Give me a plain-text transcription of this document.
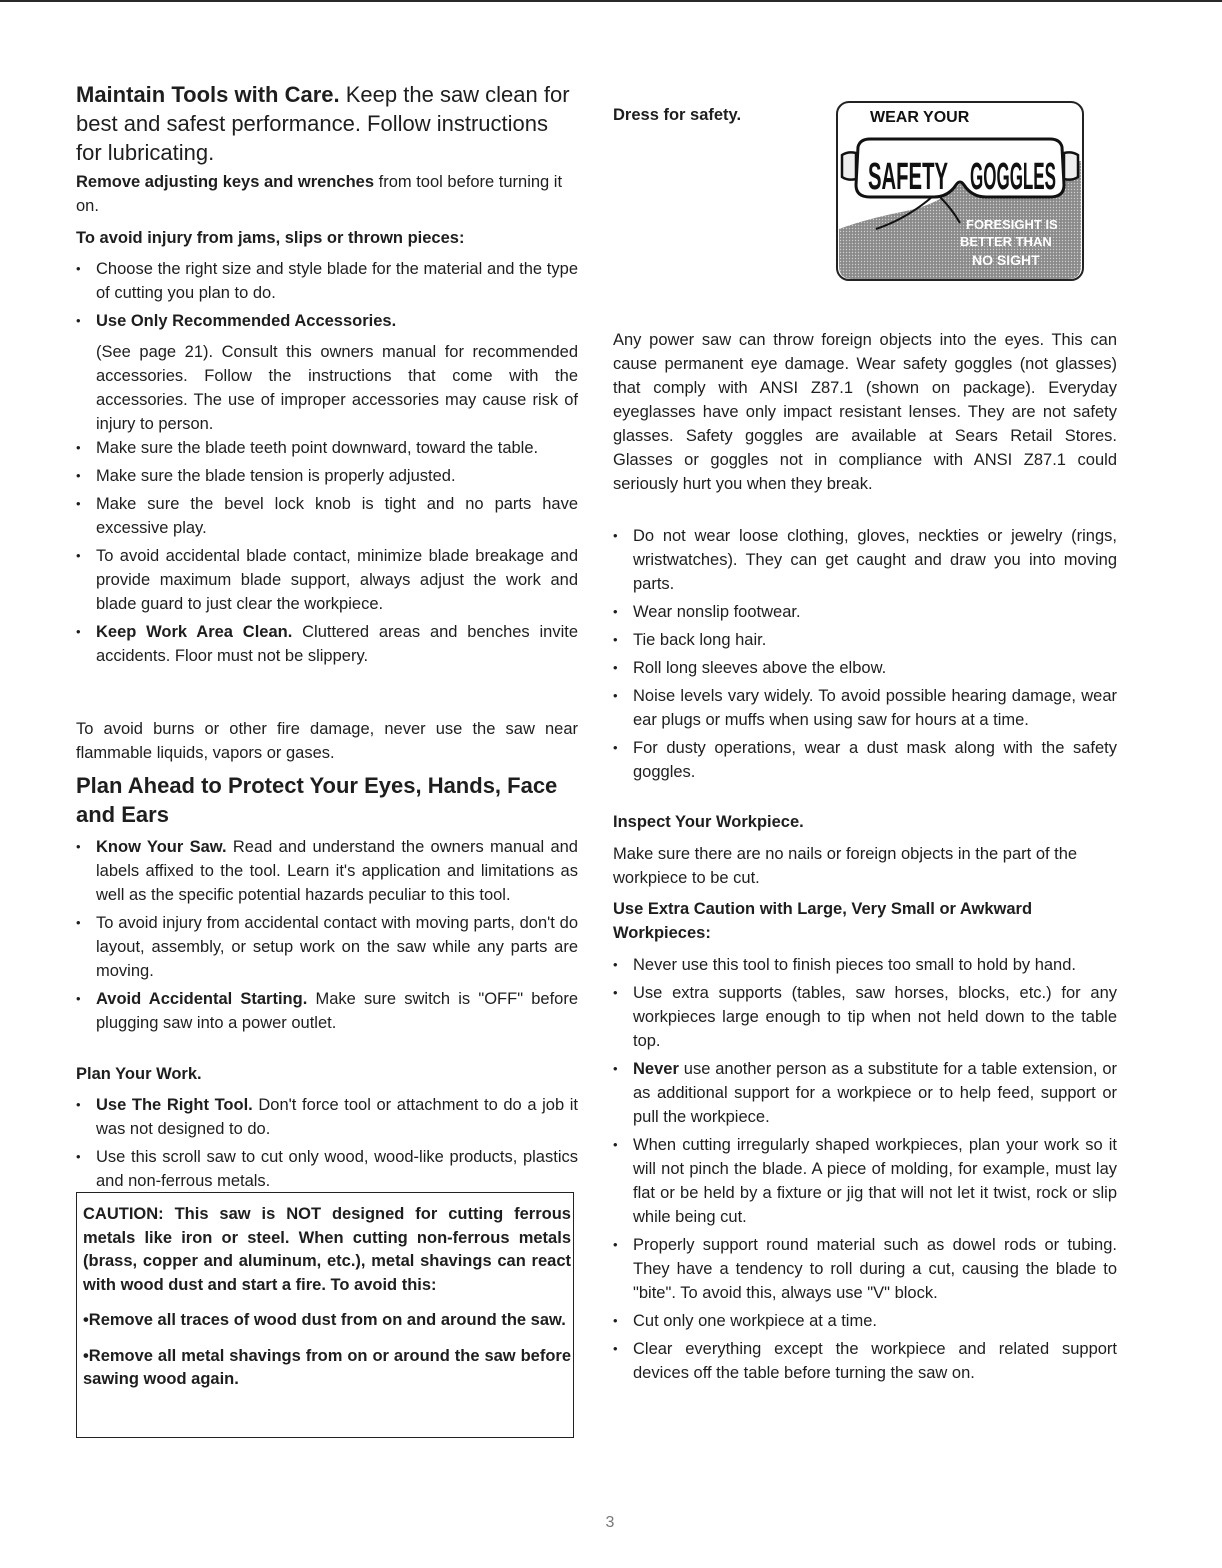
Maintain Tools with Care. Keep the saw clean for best and safest performance. Follow instructions for lubricating.

Remove adjusting keys and wrenches from tool before turning it on.

To avoid injury from jams, slips or thrown pieces:

• Choose the right size and style blade for the material and the type of cutting you plan to do.
• Use Only Recommended Accessories.

(See page 21). Consult this owners manual for recommended accessories. Follow the instructions that come with the accessories. The use of improper accessories may cause risk of injury to person.

• Make sure the blade teeth point downward, toward the table.
• Make sure the blade tension is properly adjusted.
• Make sure the bevel lock knob is tight and no parts have excessive play.
• To avoid accidental blade contact, minimize blade breakage and provide maximum blade support, always adjust the work and blade guard to just clear the workpiece.
• Keep Work Area Clean. Cluttered areas and benches invite accidents. Floor must not be slippery.

To avoid burns or other fire damage, never use the saw near flammable liquids, vapors or gases.

Plan Ahead to Protect Your Eyes, Hands, Face and Ears

• Know Your Saw. Read and understand the owners manual and labels affixed to the tool. Learn it's application and limitations as well as the specific potential hazards peculiar to this tool.
• To avoid injury from accidental contact with moving parts, don't do layout, assembly, or setup work on the saw while any parts are moving.
• Avoid Accidental Starting. Make sure switch is "OFF" before plugging saw into a power outlet.

Plan Your Work.

• Use The Right Tool. Don't force tool or attachment to do a job it was not designed to do.
• Use this scroll saw to cut only wood, wood-like products, plastics and non-ferrous metals.

CAUTION: This saw is NOT designed for cutting ferrous metals like iron or steel. When cutting non-ferrous metals (brass, copper and aluminum, etc.), metal shavings can react with wood dust and start a fire. To avoid this:

•Remove all traces of wood dust from on and around the saw.

•Remove all metal shavings from on or around the saw before sawing wood again.

Dress for safety.

Any power saw can throw foreign objects into the eyes. This can cause permanent eye damage. Wear safety goggles (not glasses) that comply with ANSI Z87.1 (shown on package). Everyday eyeglasses have only impact resistant lenses. They are not safety glasses. Safety goggles are available at Sears Retail Stores. Glasses or goggles not in compliance with ANSI Z87.1 could seriously hurt you when they break.

• Do not wear loose clothing, gloves, neckties or jewelry (rings, wristwatches). They can get caught and draw you into moving parts.
• Wear nonslip footwear.
• Tie back long hair.
• Roll long sleeves above the elbow.
• Noise levels vary widely. To avoid possible hearing damage, wear ear plugs or muffs when using saw for hours at a time.
• For dusty operations, wear a dust mask along with the safety goggles.

Inspect Your Workpiece.

Make sure there are no nails or foreign objects in the part of the workpiece to be cut.

Use Extra Caution with Large, Very Small or Awkward Workpieces:

• Never use this tool to finish pieces too small to hold by hand.
• Use extra supports (tables, saw horses, blocks, etc.) for any workpieces large enough to tip when not held down to the table top.
• Never use another person as a substitute for a table extension, or as additional support for a workpiece or to help feed, support or pull the workpiece.
• When cutting irregularly shaped workpieces, plan your work so it will not pinch the blade. A piece of molding, for example, must lay flat or be held by a fixture or jig that will not let it twist, rock or slip while being cut.
• Properly support round material such as dowel rods or tubing. They have a tendency to roll during a cut, causing the blade to "bite". To avoid this, always use "V" block.
• Cut only one workpiece at a time.
• Clear everything except the workpiece and related support devices off the table before turning the saw on.
WEAR YOUR
SAFETY GOGGLES
FORESIGHT IS
BETTER THAN
NO SIGHT
3
